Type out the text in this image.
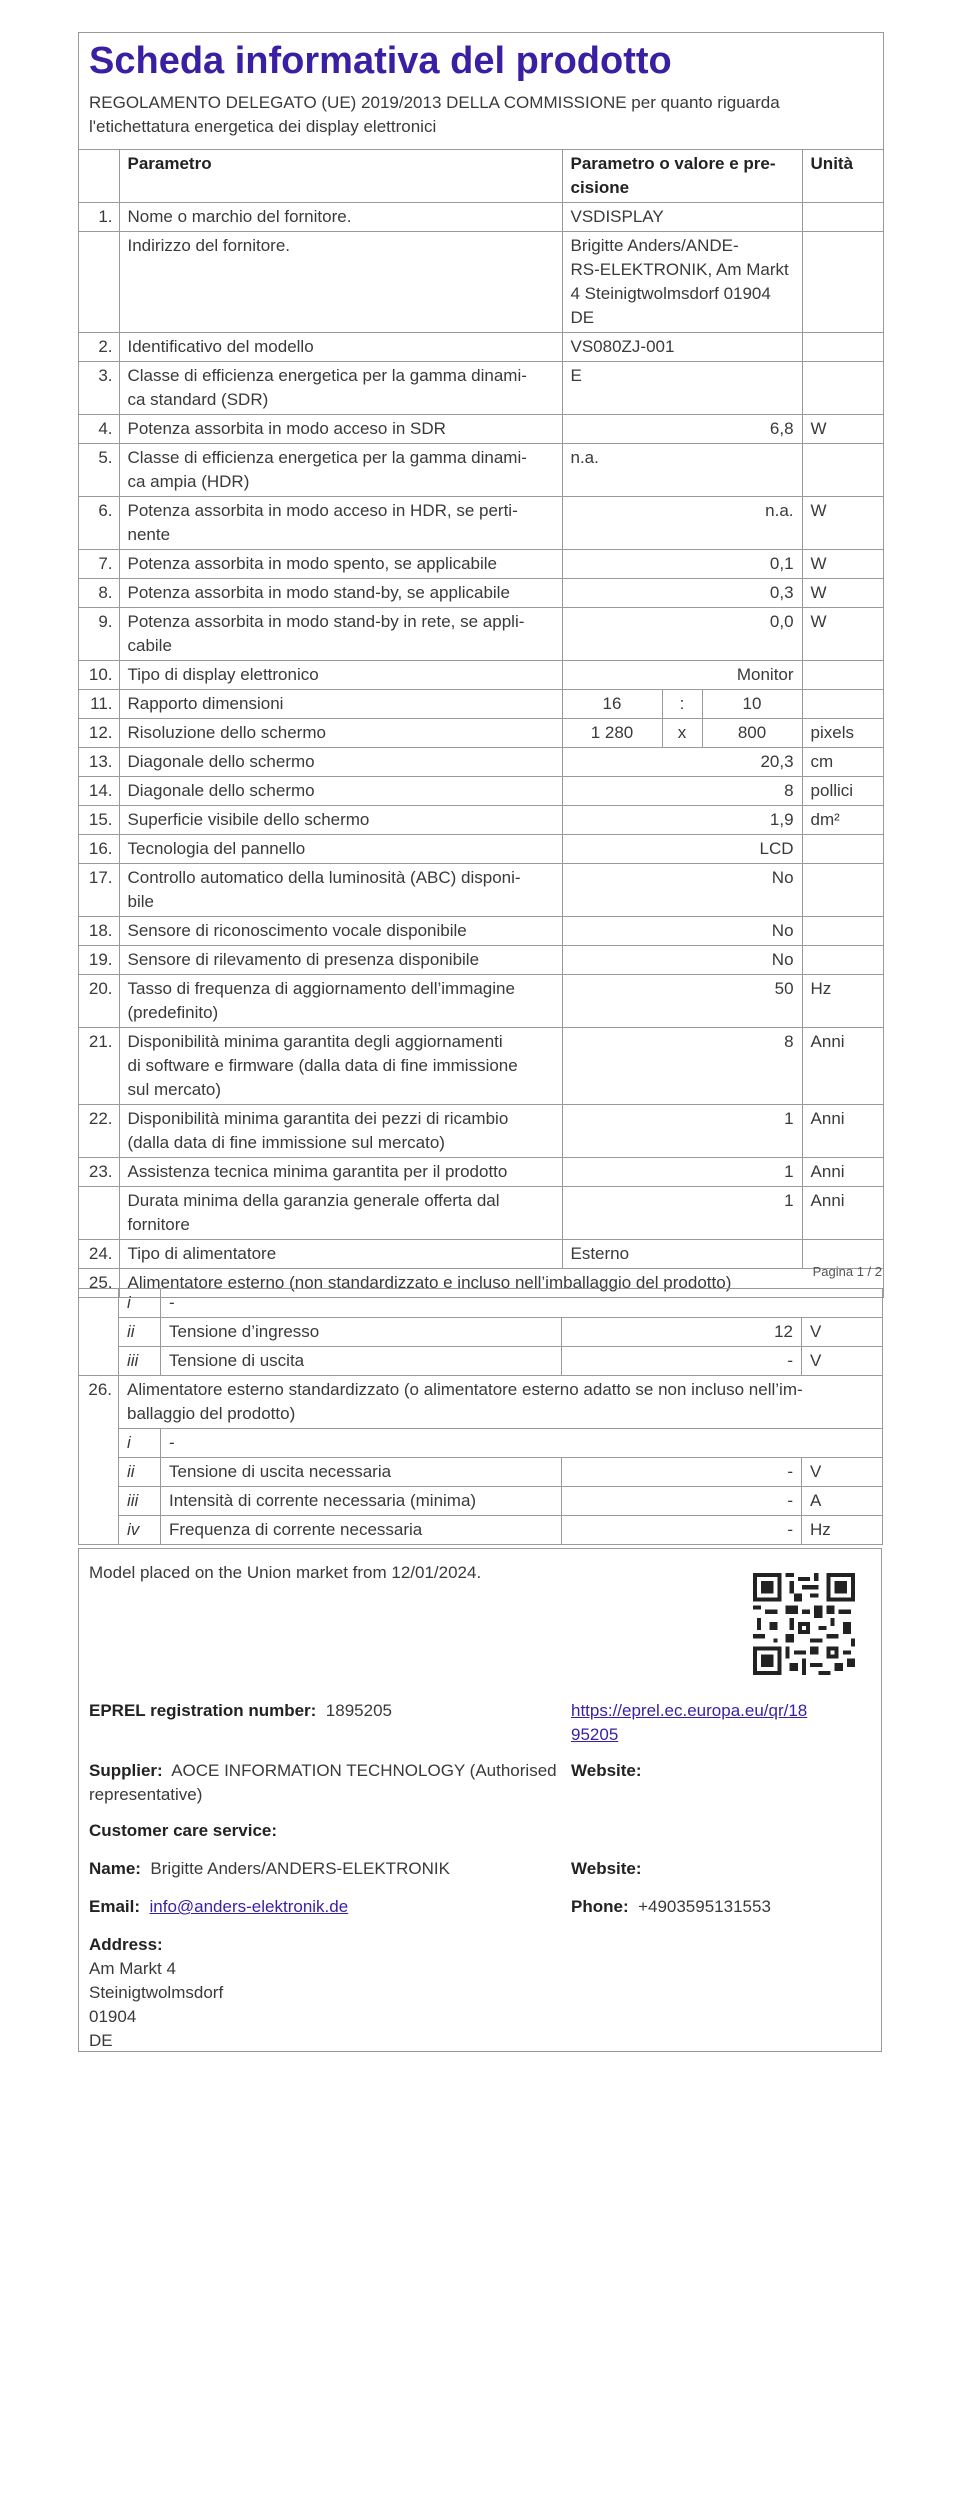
Scheda informativa del prodotto
REGOLAMENTO DELEGATO (UE) 2019/2013 DELLA COMMISSIONE per quanto riguarda
l'etichettatura energetica dei display elettronici
	Parametro	Parametro o valore e pre-
cisione			Unità
1.	Nome o marchio del fornitore.	VSDISPLAY			
	Indirizzo del fornitore.	Brigitte Anders/ANDE-
RS-ELEKTRONIK, Am Markt
4 Steinigtwolmsdorf 01904
DE			

2.	Identificativo del modello	VS080ZJ-001			
3.	Classe di efficienza energetica per la gamma dinami-
ca standard (SDR)	E			
4.	Potenza assorbita in modo acceso in SDR	6,8			W
5.	Classe di efficienza energetica per la gamma dinami-
ca ampia (HDR)	n.a.			
6.	Potenza assorbita in modo acceso in HDR, se perti-
nente	n.a.			W
7.	Potenza assorbita in modo spento, se applicabile	0,1			W
8.	Potenza assorbita in modo stand-by, se applicabile	0,3			W
9.	Potenza assorbita in modo stand-by in rete, se appli-
cabile	0,0			W
10.	Tipo di display elettronico	Monitor			
11.	Rapporto dimensioni	16	:	10	
12.	Risoluzione dello schermo	1 280	x	800	pixels
13.	Diagonale dello schermo	20,3			cm
14.	Diagonale dello schermo	8			pollici
15.	Superficie visibile dello schermo	1,9			dm²
16.	Tecnologia del pannello	LCD			
17.	Controllo automatico della luminosità (ABC) disponi-
bile	No			
18.	Sensore di riconoscimento vocale disponibile	No			
19.	Sensore di rilevamento di presenza disponibile	No			
20.	Tasso di frequenza di aggiornamento dell’immagine
(predefinito)	50			Hz
21.	Disponibilità minima garantita degli aggiornamenti
di software e firmware (dalla data di fine immissione
sul mercato)	8			Anni
22.	Disponibilità minima garantita dei pezzi di ricambio
(dalla data di fine immissione sul mercato)	1			Anni
23.	Assistenza tecnica minima garantita per il prodotto	1			Anni

	Durata minima della garanzia generale offerta dal
fornitore	1			Anni
24.	Tipo di alimentatore	Esterno			
25.	Alimentatore esterno (non standardizzato e incluso nell’imballaggio del prodotto)				
Pagina 1 / 2
	i	-		
	ii	Tensione d’ingresso	12	V
	iii	Tensione di uscita	-	V
26.	Alimentatore esterno standardizzato (o alimentatore esterno adatto se non incluso nell’im-
ballaggio del prodotto)			

	i	-		
	ii	Tensione di uscita necessaria	-	V
	iii	Intensità di corrente necessaria (minima)	-	A
	iv	Frequenza di corrente necessaria	-	Hz
Model placed on the Union market from 12/01/2024.
EPREL registration number: 1895205	https://eprel.ec.europa.eu/qr/18
95205
Supplier: AOCE INFORMATION TECHNOLOGY (Authorised
representative)
Website:
Customer care service:
Name: Brigitte Anders/ANDERS-ELEKTRONIK	Website:
Email: info@anders-elektronik.de	Phone: +4903595131553
Address:
Am Markt 4
Steinigtwolmsdorf
01904
DE
